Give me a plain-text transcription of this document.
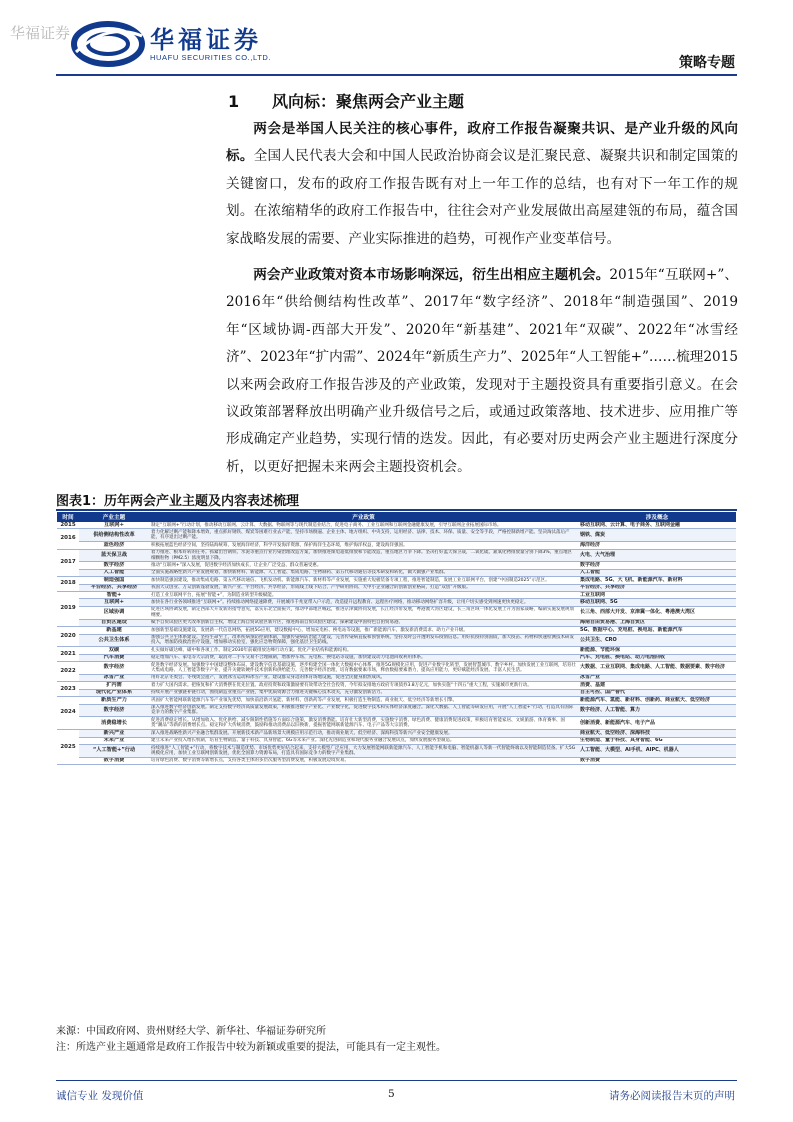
华福证券	华福证券
HUAFU SECURITIES CO.,LTD.	策略专题
1 风向标：聚焦两会产业主题

两会是举国人民关注的核心事件，政府工作报告凝聚共识、是产业升级的风向标。全国人民代表大会和中国人民政治协商会议是汇聚民意、凝聚共识和制定国策的关键窗口，发布的政府工作报告既有对上一年工作的总结，也有对下一年工作的规划。在浓缩精华的政府工作报告中，往往会对产业发展做出高屋建瓴的布局，蕴含国家战略发展的需要、产业实际推进的趋势，可视作产业变革信号。

两会产业政策对资本市场影响深远，衍生出相应主题机会。2015年“互联网+”、2016年“供给侧结构性改革”、2017年“数字经济”、2018年“制造强国”、2019年“区域协调-西部大开发”、2020年“新基建”、2021年“双碳”、2022年“冰雪经济”、2023年“扩内需”、2024年“新质生产力”、2025年“人工智能+”……梳理2015以来两会政府工作报告涉及的产业政策，发现对于主题投资具有重要指引意义。在会议政策部署释放出明确产业升级信号之后，或通过政策落地、技术进步、应用推广等形成确定产业趋势，实现行情的迭发。因此，有必要对历史两会产业主题进行深度分析，以更好把握未来两会主题投资机会。

图表1：历年两会产业主题及内容表述梳理
时间	产业主题	产业政策	涉及概念
2015	互联网+	制定“互联网+”行动计划，推动移动互联网、云计算、大数据、物联网等与现代制造业结合，促进电子商务、工业互联网和互联网金融健康发展，引导互联网企业拓展国际市场。	移动互联网、云计算、电子商务、互联网金融
2016	供给侧结构性改革	着力化解过剩产能和降本增效，重点抓好钢铁、煤炭等困难行业去产能，坚持市场倒逼、企业主体、地方组织、中央支持，运用经济、法律、技术、环保、质量、安全等手段，严格控制新增产能。坚决淘汰落后产能，有序退出过剩产能。	钢铁、煤炭
	蓝色经济	积极拓展蓝色经济空间，坚持陆海统筹，发展海洋经济，科学开发海洋资源，保护海洋生态环境，维护海洋权益，建设海洋强国。	海洋经济
2017	蓝天保卫战	着力推进、根本好转的任务。抓紧出台钢铁、水泥等重点行业污染治理改造方案，加快推进煤电超低排放和节能改造，重点地区力争下降。坚决打好蓝天保卫战，二氧化硫、氮氧化物排放量分别下降3%，重点地区细颗粒物（PM2.5）浓度明显下降。	火电、大气治理
	数字经济	推动“互联网+”深入发展，促进数字经济加快成长，让企业广泛受益、群众普遍受惠。	数字经济
	人工智能	全面实施战略性新兴产业发展规划，加快新材料、新能源、人工智能、集成电路、生物制药、第五代移动通信等技术研发和转化，做大做强产业集群。	人工智能
2018	制造强国	加快制造强国建设，推动集成电路、第五代移动通信、飞机发动机、新能源汽车、新材料等产业发展，实施重大短板装备专项工程，推进智能制造，发展工业互联网平台，创建“中国制造2025”示范区。	集成电路、5G、大飞机、新能源汽车、新材料
	平台经济、共享经济	我国大众创业、万众创新蓬勃发展，新兴产业、平台经济、共享经济，形成线上线下结合、产学研用协同、大中小企业融合的创新创业格局，打造“双创”升级版。	平台经济、共享经济
2019	智能+	打造工业互联网平台，拓展“智能+”，为制造业转型升级赋能。	工业互联网
	互联网+	加快在各行业各领域推进“互联网+”。持续推动网络提速降费，开展城市千兆宽带入户示范，改造提升远程教育、远程医疗网络，推动移动网络扩容升级，让用户切实感受到网速更快更稳定。	移动互联网、5G
	区域协调	促进区域协调发展，制定西部大开发新的指导意见，落实东北全面振兴，推动中部地区崛起，推进京津冀协同发展，长江经济带发展，粤港澳大湾区建设，长三角区域一体化发展上升为国家战略，编制实施发展规划纲要。	长三角、西部大开发、京津冀一体化、粤港澳大湾区
	自贸区建设	赋予自贸试验区更大改革创新自主权，增设上海自贸试验区新片区，推进海南自贸试验区建设、探索建设中国特色自由贸易港。	海南自由贸易港、上海自贸区
2020	新基建	加强新型基础设施建设，发展新一代信息网络，拓展5G应用，建设数据中心，增加充电桩、换电站等设施，推广新能源汽车，激发新消费需求、助力产业升级。	5G、数据中心、充电桩、换电站、新能源汽车
	公共卫生体系	加强公共卫生体系建设。坚持生命至上，改革疾病预防控制体制，加强传染病防治能力建设，完善传染病直报和预警系统，坚持及时公开透明发布疫情信息。用好抗疫特别国债，加大疫苗、药物和快速检测技术研发投入，增加防疫救治医疗设施，增加移动实验室，强化应急物资保障，强化基层卫生防线。	公共卫生、CRO
2021	双碳	扎实做好碳达峰、碳中和各项工作。制定2030年前碳排放达峰行动方案。优化产业结构和能源结构。	新能源、节能环保
	汽车消费	稳定增加汽车、家电等大宗消费，取消对二手车交易不合理限制，增加停车场、充电桩、换电站等设施，加快建设动力电池回收利用体系。	汽车、充电桩、换电站、动力电池回收
2022	数字经济	促进数字经济发展。加强数字中国建设整体布局。建设数字信息基础设施，逐步构建全国一体化大数据中心体系，推进5G规模化应用，促进产业数字化转型，发展智慧城市、数字乡村。加快发展工业互联网，培育壮大集成电路、人工智能等数字产业，提升关键软硬件技术创新和供给能力。完善数字经济治理，培育数据要素市场，释放数据要素潜力，提高应用能力，更好赋能经济发展、丰富人民生活。	大数据、工业互联网、集成电路、人工智能、数据要素、数字经济
	冰雪产业	用好北京冬奥会、冬残奥会遗产，发展冰雪运动和冰雪产业。建设群众身边的体育场地设施，促进全民健身蔚然成风。	冰雪产业
2023	扩内需	着力扩大国内需求。把恢复和扩大消费摆在优先位置。政府投资和政策激励要有效带动全社会投资，今年拟安排地方政府专项债券3.8万亿元，加快实施“十四五”重大工程，实施城市更新行动。	消费、基建
	现代化产业体系	持续开展产业强链补链行动，围绕制造业重点产业链，集中优质资源合力推进关键核心技术攻关，充分激发创新活力。	自主可控、国产替代
2024	新质生产力	巩固扩大智能网联新能源汽车等产业领先优势，加快前沿新兴氢能、新材料、创新药等产业发展，积极打造生物制造、商业航天、低空经济等新增长引擎。	新能源汽车、氢能、新材料、创新药、商业航天、低空经济
	数字经济	深入推进数字经济创新发展。制定支持数字经济高质量发展政策，积极推进数字产业化、产业数字化，促进数字技术和实体经济深度融合。深化大数据、人工智能等研发应用，开展“人工智能+”行动，打造具有国际竞争力的数字产业集群。	数字经济、人工智能、算力
	消费稳增长	促进消费稳定增长。从增加收入、优化供给、减少限制性措施等方面综合施策，激发消费潜能。培育壮大新型消费，实施数字消费、绿色消费、健康消费促进政策，积极培育智能家居、文娱旅游、体育赛事、国货“潮品”等新的消费增长点。稳定和扩大传统消费，鼓励和推动消费品以旧换新，提振智能网联新能源汽车、电子产品等大宗消费。	创新消费、新能源汽车、电子产品
2025	新兴产业	深入推进战略性新兴产业融合集群发展。开展新技术新产品新场景大规模应用示范行动，推动商业航天、低空经济、深海科技等新兴产业安全健康发展。	商业航天、低空经济、深海科技
	未来产业	建立未来产业投入增长机制，培育生物制造、量子科技、具身智能、6G等未来产业。深化先进制造业和现代服务业融合发展试点，加快发展服务型制造。	生物制造、量子科技、具身智能、6G
	“人工智能+”行动	持续推进“人工智能+”行动，将数字技术与制造优势、市场优势更好结合起来，支持大模型广泛应用，大力发展智能网联新能源汽车、人工智能手机和电脑、智能机器人等新一代智能终端以及智能制造装备。扩大5G规模化应用，加快工业互联网创新发展，优化全国算力资源布局，打造具有国际竞争力的数字产业集群。	人工智能、大模型、AI手机、AIPC、机器人
	数字消费	培育绿色消费、数字消费等新增长点，支持各类主体的多层次服务型消费发展，积极发展边境贸易。	数字消费
来源：中国政府网、贵州财经大学、新华社、华福证券研究所
注：所选产业主题通常是政府工作报告中较为新颖或重要的提法，可能具有一定主观性。
诚信专业 发现价值	5	请务必阅读报告末页的声明
